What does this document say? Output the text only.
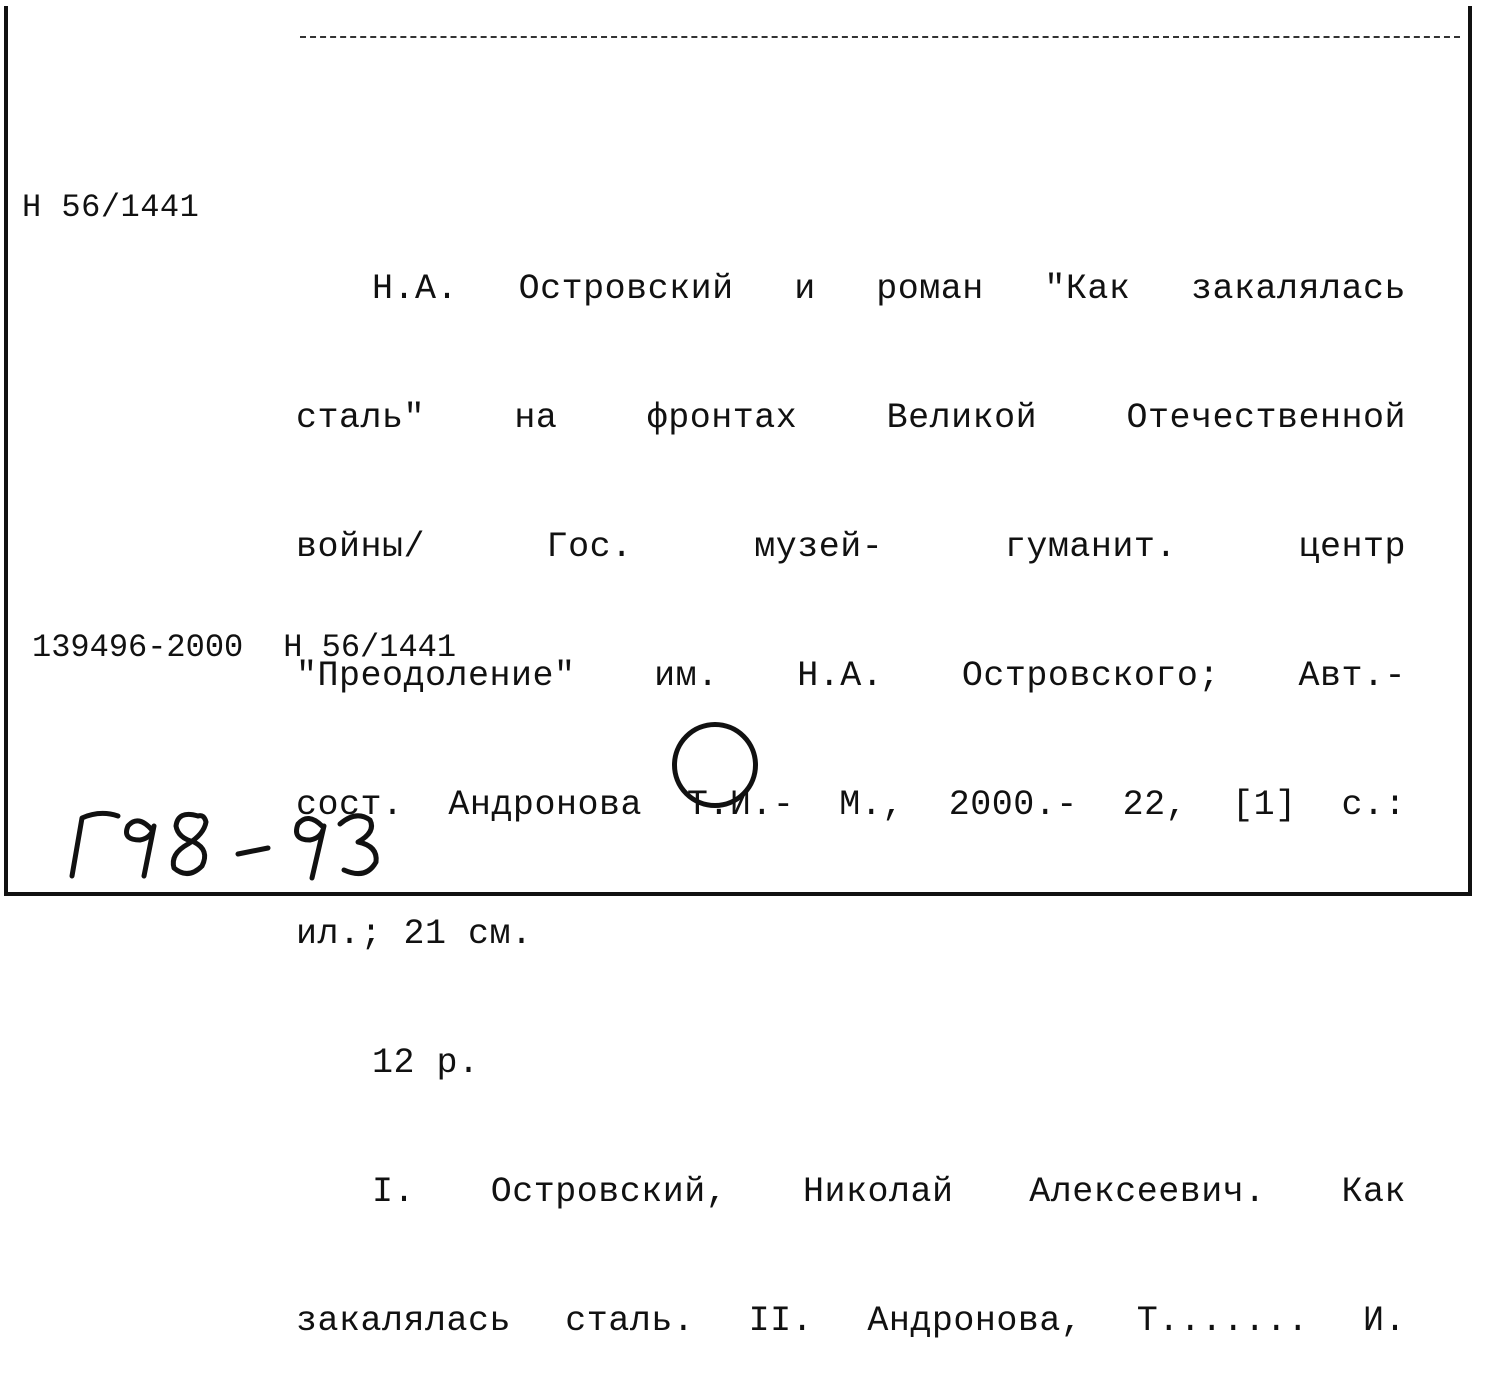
Н 56/1441

Н.А. Островский и роман "Как закалялась

сталь" на фронтах Великой Отечественной

войны/ Гос. музей- гуманит. центр

"Преодоление" им. Н.А. Островского; Авт.-

сост. Андронова Т.И.- М., 2000.- 22, [1] с.:

ил.; 21 см.

12 р.

I. Островский, Николай Алексеевич. Как

закалялась сталь. II. Андронова, Т....... И.

139496-2000 Н 56/1441
